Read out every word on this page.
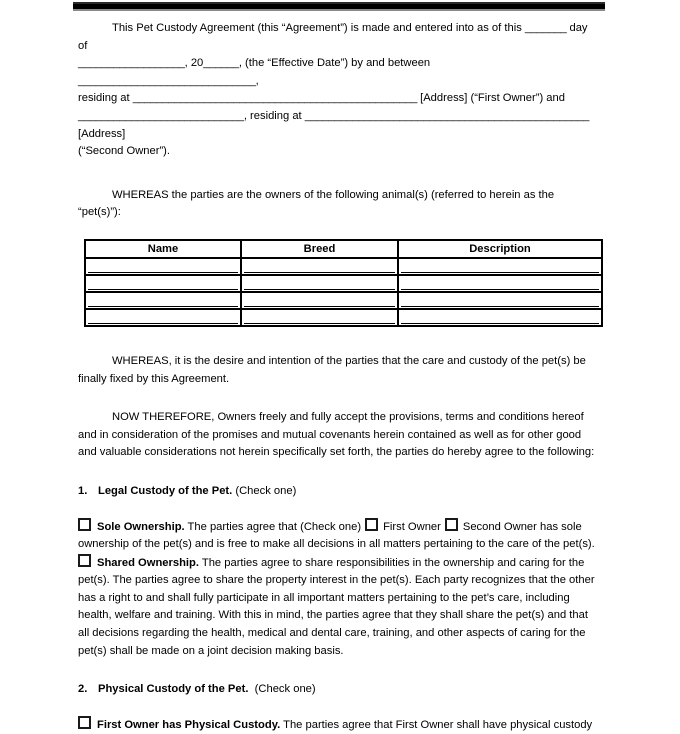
This Pet Custody Agreement (this “Agreement”) is made and entered into as of this _______ day of
__________________, 20______, (the “Effective Date”) by and between ______________________________,
residing at ________________________________________________ [Address] (“First Owner”) and
____________________________, residing at ________________________________________________ [Address]
(“Second Owner”).

WHEREAS the parties are the owners of the following animal(s) (referred to herein as the “pet(s)”):

Name	Breed	Description

WHEREAS, it is the desire and intention of the parties that the care and custody of the pet(s) be finally fixed by this Agreement.

NOW THEREFORE, Owners freely and fully accept the provisions, terms and conditions hereof and in consideration of the promises and mutual covenants herein contained as well as for other good and valuable considerations not herein specifically set forth, the parties do hereby agree to the following:

1. Legal Custody of the Pet. (Check one)

Sole Ownership. The parties agree that (Check one) First Owner Second Owner has sole ownership of the pet(s) and is free to make all decisions in all matters pertaining to the care of the pet(s).

Shared Ownership. The parties agree to share responsibilities in the ownership and caring for the pet(s). The parties agree to share the property interest in the pet(s). Each party recognizes that the other has a right to and shall fully participate in all important matters pertaining to the pet’s care, including health, welfare and training. With this in mind, the parties agree that they shall share the pet(s) and that all decisions regarding the health, medical and dental care, training, and other aspects of caring for the pet(s) shall be made on a joint decision making basis.

2. Physical Custody of the Pet. (Check one)

First Owner has Physical Custody. The parties agree that First Owner shall have physical custody
